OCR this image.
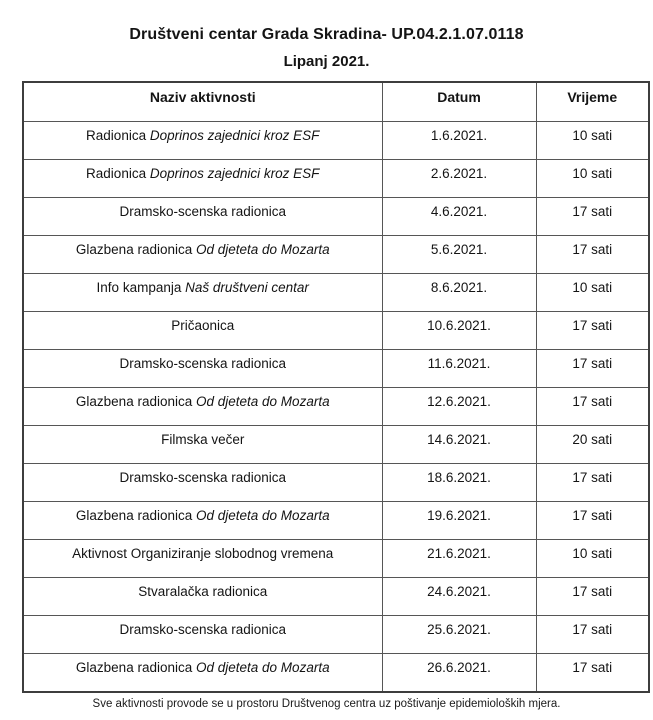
Društveni centar Grada Skradina- UP.04.2.1.07.0118
Lipanj 2021.
Naziv aktivnosti	Datum	Vrijeme
Radionica Doprinos zajednici kroz ESF	1.6.2021.	10 sati
Radionica Doprinos zajednici kroz ESF	2.6.2021.	10 sati
Dramsko-scenska radionica	4.6.2021.	17 sati
Glazbena radionica Od djeteta do Mozarta	5.6.2021.	17 sati
Info kampanja Naš društveni centar	8.6.2021.	10 sati
Pričaonica	10.6.2021.	17 sati
Dramsko-scenska radionica	11.6.2021.	17 sati
Glazbena radionica Od djeteta do Mozarta	12.6.2021.	17 sati
Filmska večer	14.6.2021.	20 sati
Dramsko-scenska radionica	18.6.2021.	17 sati
Glazbena radionica Od djeteta do Mozarta	19.6.2021.	17 sati
Aktivnost Organiziranje slobodnog vremena	21.6.2021.	10 sati
Stvaralačka radionica	24.6.2021.	17 sati
Dramsko-scenska radionica	25.6.2021.	17 sati
Glazbena radionica Od djeteta do Mozarta	26.6.2021.	17 sati
Sve aktivnosti provode se u prostoru Društvenog centra uz poštivanje epidemioloških mjera.
